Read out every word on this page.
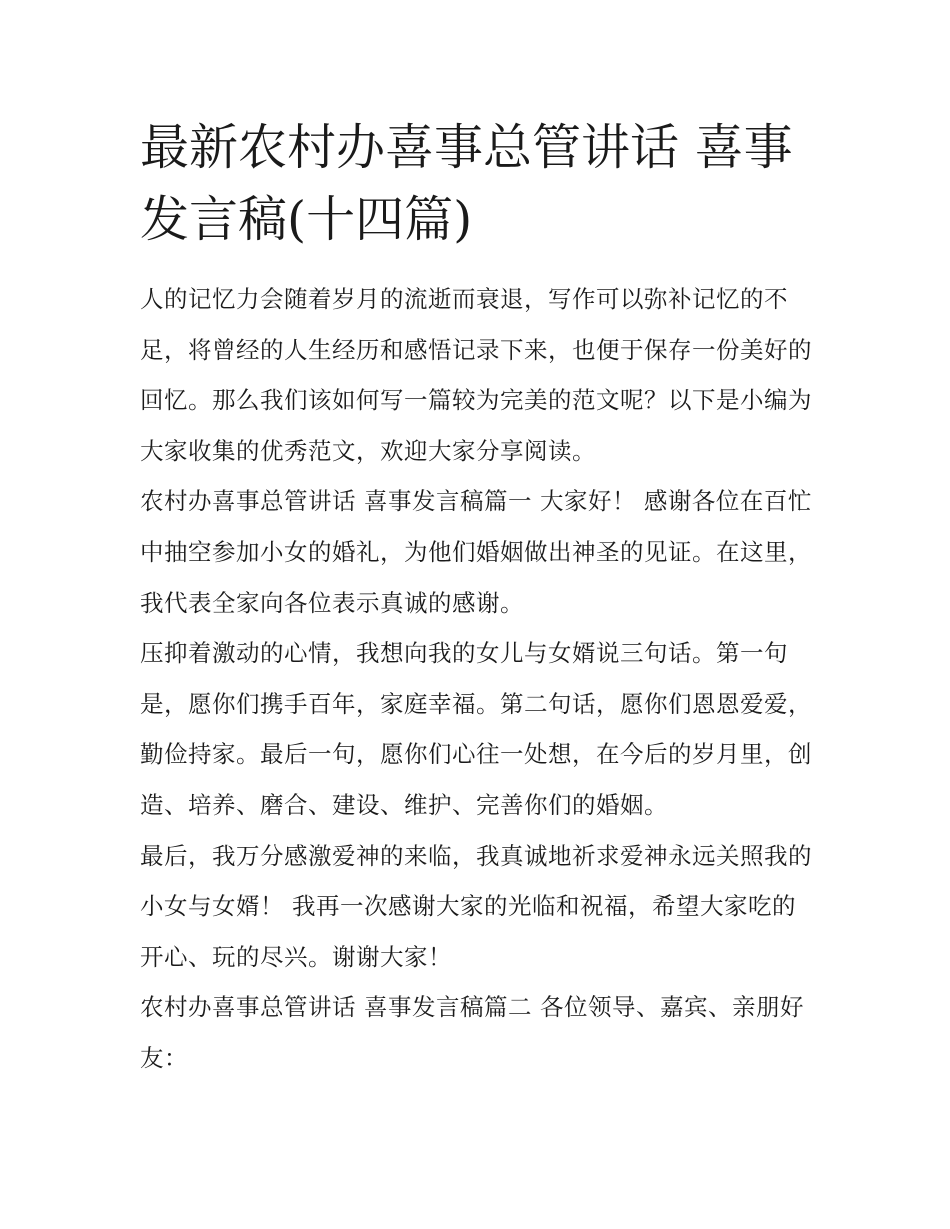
最新农村办喜事总管讲话 喜事发言稿(十四篇)

人的记忆力会随着岁月的流逝而衰退，写作可以弥补记忆的不足，将曾经的人生经历和感悟记录下来，也便于保存一份美好的回忆。那么我们该如何写一篇较为完美的范文呢？以下是小编为大家收集的优秀范文，欢迎大家分享阅读。

农村办喜事总管讲话 喜事发言稿篇一 大家好！ 感谢各位在百忙中抽空参加小女的婚礼，为他们婚姻做出神圣的见证。在这里，我代表全家向各位表示真诚的感谢。

压抑着激动的心情，我想向我的女儿与女婿说三句话。第一句是，愿你们携手百年，家庭幸福。第二句话，愿你们恩恩爱爱，勤俭持家。最后一句，愿你们心往一处想，在今后的岁月里，创造、培养、磨合、建设、维护、完善你们的婚姻。

最后，我万分感激爱神的来临，我真诚地祈求爱神永远关照我的小女与女婿！ 我再一次感谢大家的光临和祝福，希望大家吃的开心、玩的尽兴。谢谢大家！

农村办喜事总管讲话 喜事发言稿篇二 各位领导、嘉宾、亲朋好友：
